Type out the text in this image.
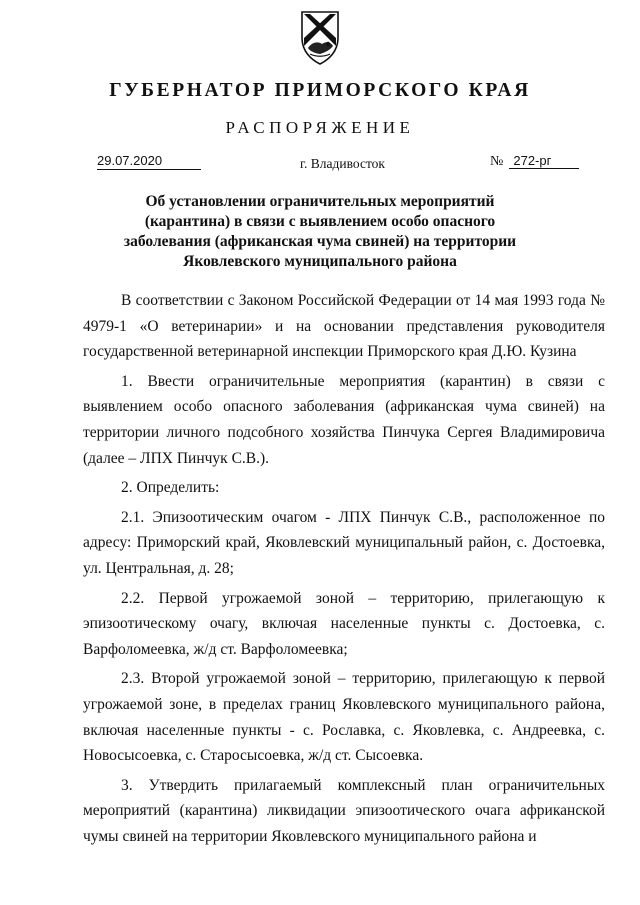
ГУБЕРНАТОР ПРИМОРСКОГО КРАЯ
РАСПОРЯЖЕНИЕ
29.07.2020	г. Владивосток	№ 272-рг
Об установлении ограничительных мероприятий
(карантина) в связи с выявлением особо опасного
заболевания (африканская чума свиней) на территории
Яковлевского муниципального района

В соответствии с Законом Российской Федерации от 14 мая 1993 года № 4979-1 «О ветеринарии» и на основании представления руководителя государственной ветеринарной инспекции Приморского края Д.Ю. Кузина

1. Ввести ограничительные мероприятия (карантин) в связи с выявлением особо опасного заболевания (африканская чума свиней) на территории личного подсобного хозяйства Пинчука Сергея Владимировича (далее – ЛПХ Пинчук С.В.).

2. Определить:

2.1. Эпизоотическим очагом - ЛПХ Пинчук С.В., расположенное по адресу: Приморский край, Яковлевский муниципальный район, с. Достоевка, ул. Центральная, д. 28;

2.2. Первой угрожаемой зоной – территорию, прилегающую к эпизоотическому очагу, включая населенные пункты с. Достоевка, с. Варфоломеевка, ж/д ст. Варфоломеевка;

2.3. Второй угрожаемой зоной – территорию, прилегающую к первой угрожаемой зоне, в пределах границ Яковлевского муниципального района, включая населенные пункты - с. Рославка, с. Яковлевка, с. Андреевка, с. Новосысоевка, с. Старосысоевка, ж/д ст. Сысоевка.

3. Утвердить прилагаемый комплексный план ограничительных мероприятий (карантина) ликвидации эпизоотического очага африканской чумы свиней на территории Яковлевского муниципального района и
